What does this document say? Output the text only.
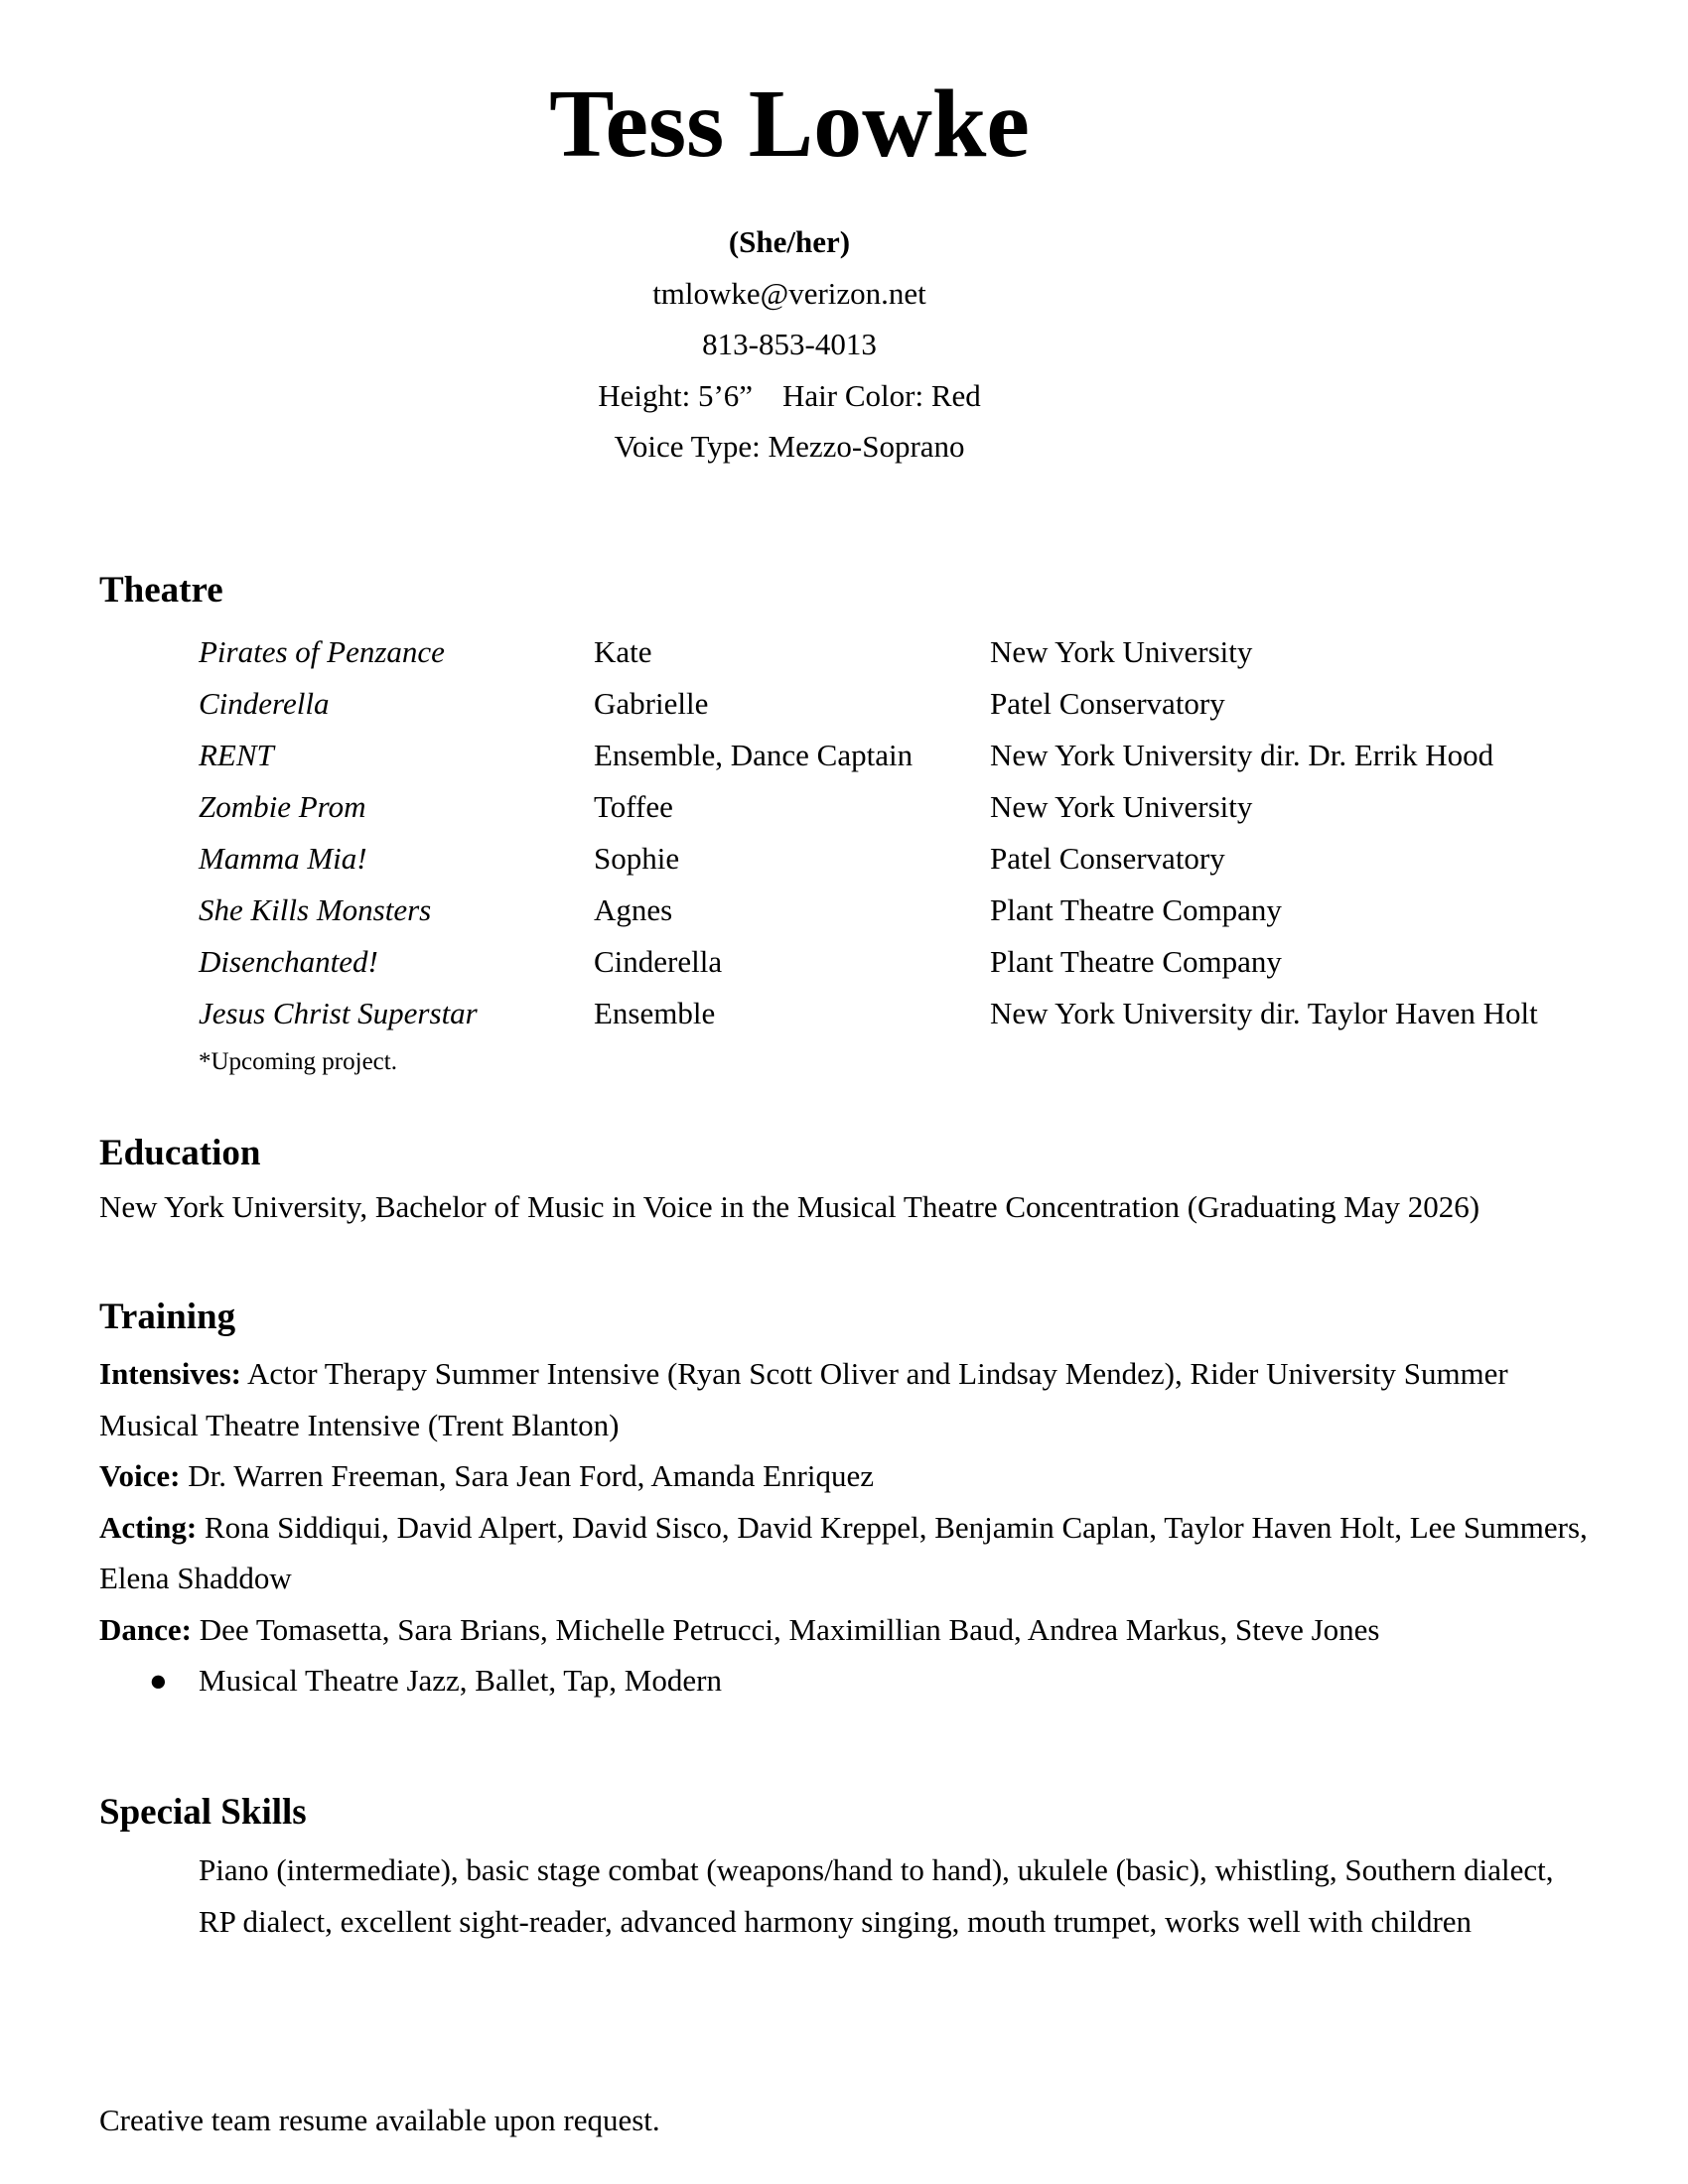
Tess Lowke
(She/her)
tmlowke@verizon.net
813-853-4013
Height: 5’6” Hair Color: Red
Voice Type: Mezzo-Soprano
Theatre
Pirates of Penzance	Kate	New York University
Cinderella	Gabrielle	Patel Conservatory
RENT	Ensemble, Dance Captain	New York University dir. Dr. Errik Hood
Zombie Prom	Toffee	New York University
Mamma Mia!	Sophie	Patel Conservatory
She Kills Monsters	Agnes	Plant Theatre Company
Disenchanted!	Cinderella	Plant Theatre Company
Jesus Christ Superstar	Ensemble	New York University dir. Taylor Haven Holt
*Upcoming project.
Education
New York University, Bachelor of Music in Voice in the Musical Theatre Concentration (Graduating May 2026)
Training

Intensives: Actor Therapy Summer Intensive (Ryan Scott Oliver and Lindsay Mendez), Rider University Summer Musical Theatre Intensive (Trent Blanton)

Voice: Dr. Warren Freeman, Sara Jean Ford, Amanda Enriquez

Acting: Rona Siddiqui, David Alpert, David Sisco, David Kreppel, Benjamin Caplan, Taylor Haven Holt, Lee Summers, Elena Shaddow

Dance: Dee Tomasetta, Sara Brians, Michelle Petrucci, Maximillian Baud, Andrea Markus, Steve Jones

● Musical Theatre Jazz, Ballet, Tap, Modern

Special Skills
Piano (intermediate), basic stage combat (weapons/hand to hand), ukulele (basic), whistling, Southern dialect, RP dialect, excellent sight-reader, advanced harmony singing, mouth trumpet, works well with children
Creative team resume available upon request.
